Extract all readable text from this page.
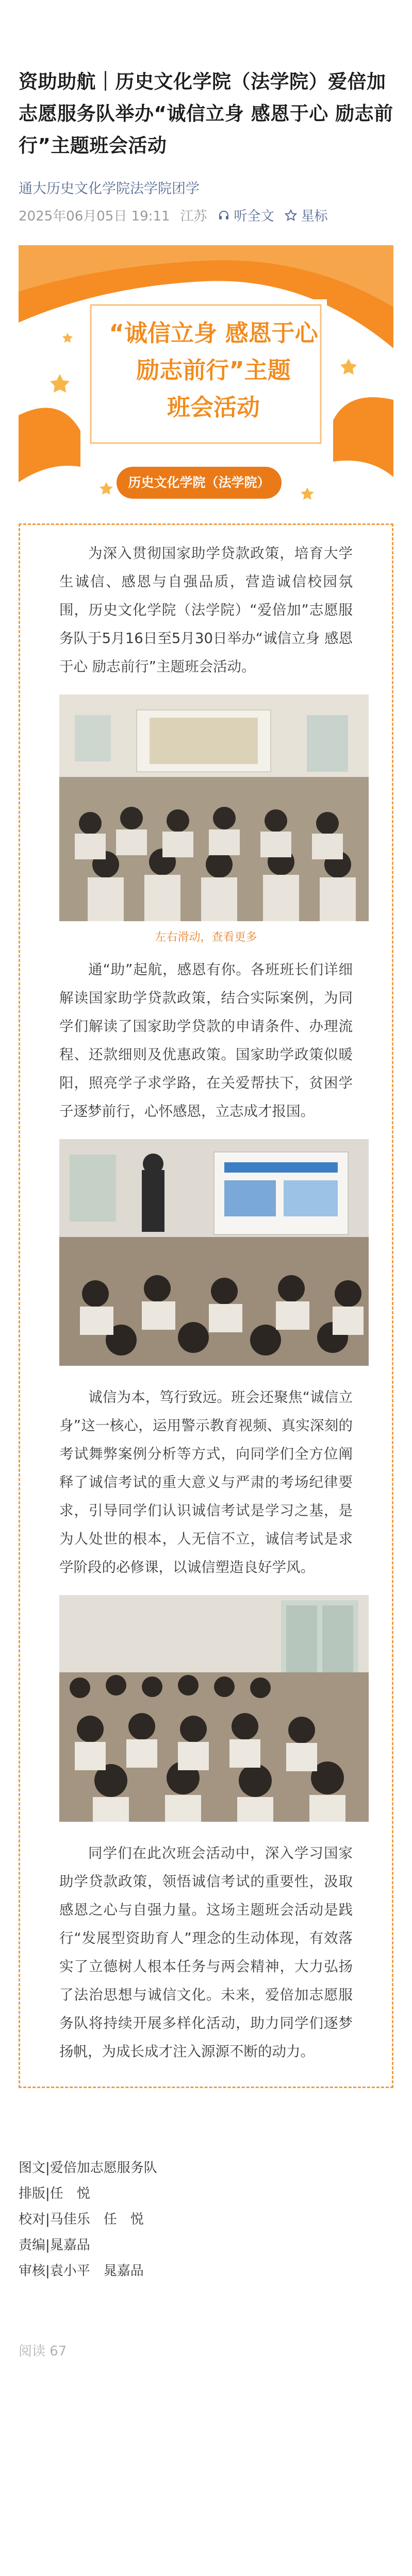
资助助航｜历史文化学院（法学院）爱倍加志愿服务队举办“诚信立身 感恩于心 励志前行”主题班会活动
通大历史文化学院法学院团学
2025年06月05日 19:11 江苏 听全文 星标
“诚信立身 感恩于心
励志前行”主题
班会活动
历史文化学院（法学院）

为深入贯彻国家助学贷款政策，培育大学生诚信、感恩与自强品质，营造诚信校园氛围，历史文化学院（法学院）“爱倍加”志愿服务队于5月16日至5月30日举办“诚信立身 感恩于心 励志前行”主题班会活动。

左右滑动，查看更多

通“助”起航，感恩有你。各班班长们详细解读国家助学贷款政策，结合实际案例，为同学们解读了国家助学贷款的申请条件、办理流程、还款细则及优惠政策。国家助学政策似暖阳，照亮学子求学路，在关爱帮扶下，贫困学子逐梦前行，心怀感恩，立志成才报国。

诚信为本，笃行致远。班会还聚焦“诚信立身”这一核心，运用警示教育视频、真实深刻的考试舞弊案例分析等方式，向同学们全方位阐释了诚信考试的重大意义与严肃的考场纪律要求，引导同学们认识诚信考试是学习之基，是为人处世的根本，人无信不立，诚信考试是求学阶段的必修课，以诚信塑造良好学风。

同学们在此次班会活动中，深入学习国家助学贷款政策，领悟诚信考试的重要性，汲取感恩之心与自强力量。这场主题班会活动是践行“发展型资助育人”理念的生动体现，有效落实了立德树人根本任务与两会精神，大力弘扬了法治思想与诚信文化。未来，爱倍加志愿服务队将持续开展多样化活动，助力同学们逐梦扬帆，为成长成才注入源源不断的动力。

图文|爱倍加志愿服务队
排版|任　悦
校对|马佳乐　任　悦
责编|晁嘉品
审核|袁小平　晁嘉品
阅读 67
